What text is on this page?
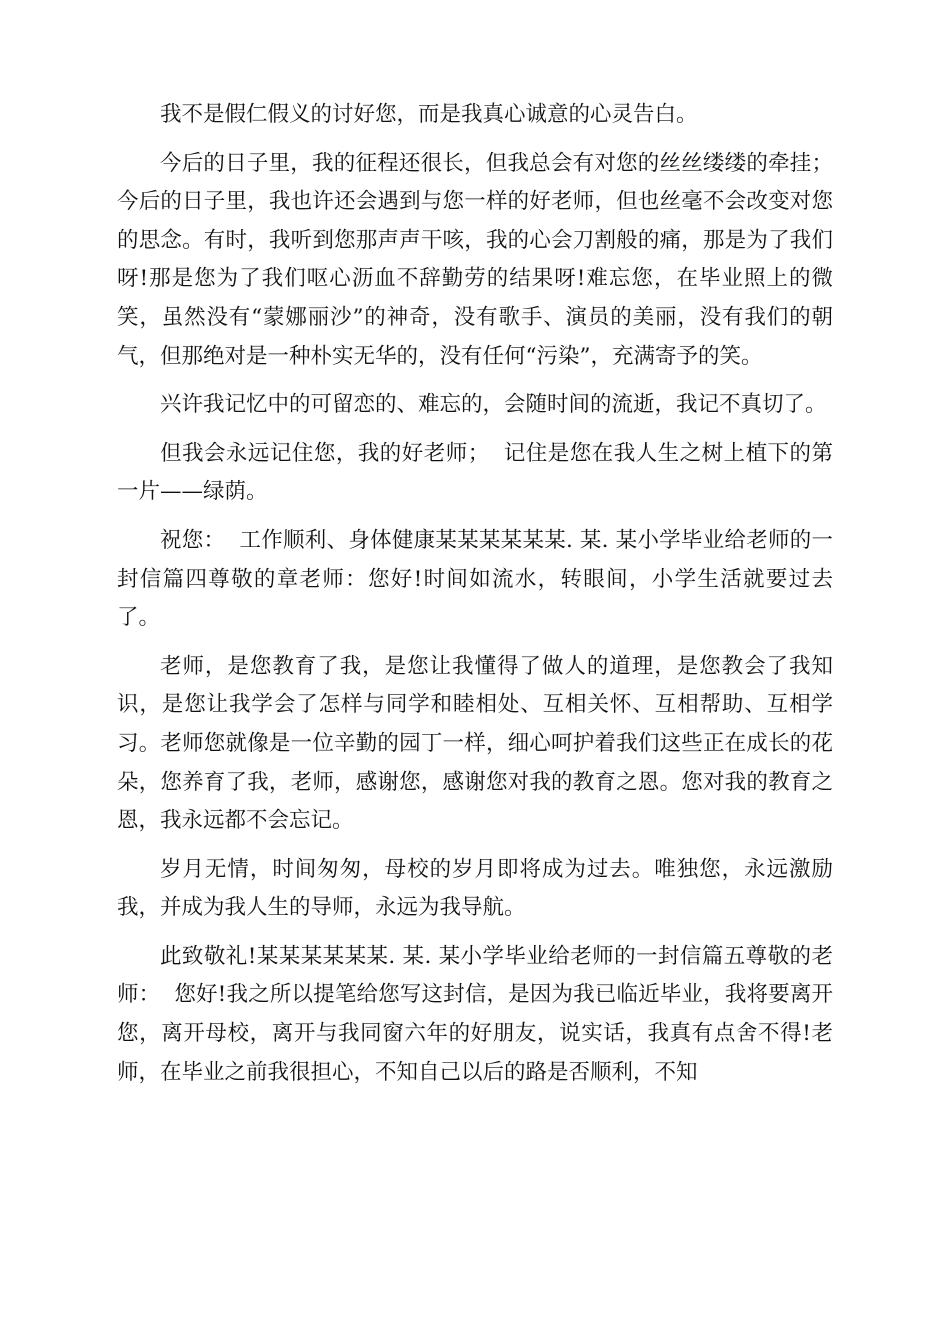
我不是假仁假义的讨好您，而是我真心诚意的心灵告白。

今后的日子里，我的征程还很长，但我总会有对您的丝丝缕缕的牵挂；  今后的日子里，我也许还会遇到与您一样的好老师，但也丝毫不会改变对您的思念。有时，我听到您那声声干咳，我的心会刀割般的痛，那是为了我们呀!那是您为了我们呕心沥血不辞勤劳的结果呀!难忘您，在毕业照上的微笑，虽然没有“蒙娜丽沙”的神奇，没有歌手、演员的美丽，没有我们的朝气，但那绝对是一种朴实无华的，没有任何“污染”，充满寄予的笑。

兴许我记忆中的可留恋的、难忘的，会随时间的流逝，我记不真切了。

但我会永远记住您，我的好老师；  记住是您在我人生之树上植下的第一片——绿荫。

祝您：  工作顺利、身体健康某某某某某某. 某. 某小学毕业给老师的一封信篇四尊敬的章老师：您好!时间如流水，转眼间，小学生活就要过去了。

老师，是您教育了我，是您让我懂得了做人的道理，是您教会了我知识，是您让我学会了怎样与同学和睦相处、互相关怀、互相帮助、互相学习。老师您就像是一位辛勤的园丁一样，细心呵护着我们这些正在成长的花朵，您养育了我，老师，感谢您，感谢您对我的教育之恩。您对我的教育之恩，我永远都不会忘记。

岁月无情，时间匆匆，母校的岁月即将成为过去。唯独您，永远激励我，并成为我人生的导师，永远为我导航。

此致敬礼!某某某某某某. 某. 某小学毕业给老师的一封信篇五尊敬的老师：  您好!我之所以提笔给您写这封信，是因为我已临近毕业，我将要离开您，离开母校，离开与我同窗六年的好朋友，说实话，我真有点舍不得!老师，在毕业之前我很担心，不知自己以后的路是否顺利，不知
